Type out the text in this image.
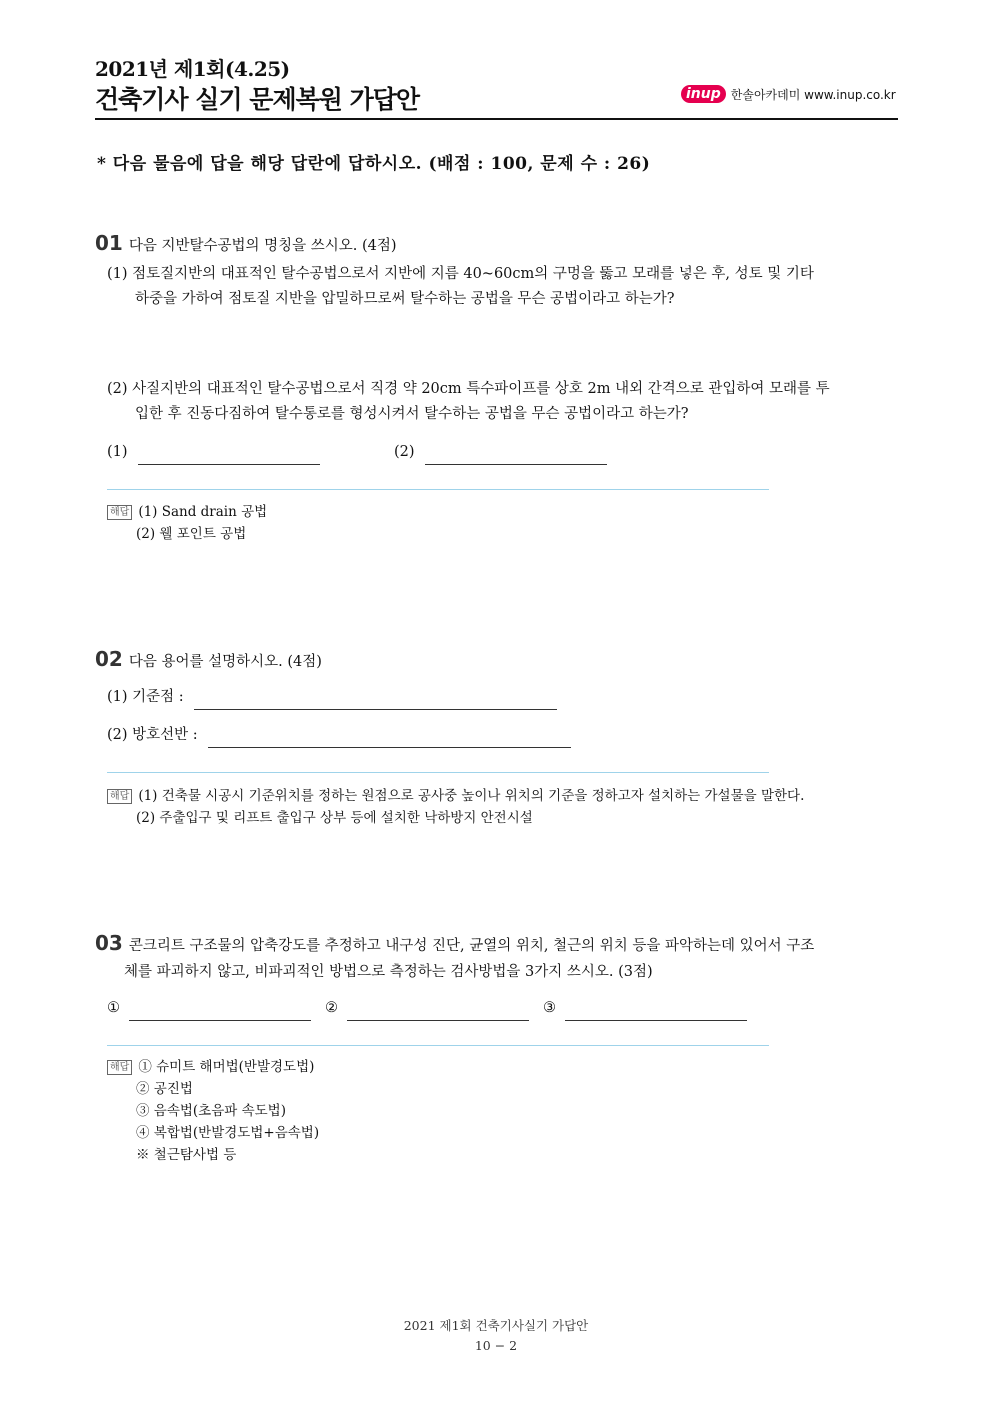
2021년 제1회(4.25)
건축기사 실기 문제복원 가답안	inup 한솔아카데미 www.inup.co.kr
* 다음 물음에 답을 해당 답란에 답하시오. (배점 : 100, 문제 수 : 26)
01 다음 지반탈수공법의 명칭을 쓰시오. (4점)
(1) 점토질지반의 대표적인 탈수공법으로서 지반에 지름 40~60cm의 구멍을 뚫고 모래를 넣은 후, 성토 및 기타
하중을 가하여 점토질 지반을 압밀하므로써 탈수하는 공법을 무슨 공법이라고 하는가?
(2) 사질지반의 대표적인 탈수공법으로서 직경 약 20cm 특수파이프를 상호 2m 내외 간격으로 관입하여 모래를 투
입한 후 진동다짐하여 탈수통로를 형성시켜서 탈수하는 공법을 무슨 공법이라고 하는가?
(1)	(2)
해답 (1) Sand drain 공법
(2) 웰 포인트 공법
02 다음 용어를 설명하시오. (4점)
(1) 기준점 :
(2) 방호선반 :
해답 (1) 건축물 시공시 기준위치를 정하는 원점으로 공사중 높이나 위치의 기준을 정하고자 설치하는 가설물을 말한다.
(2) 주출입구 및 리프트 출입구 상부 등에 설치한 낙하방지 안전시설
03 콘크리트 구조물의 압축강도를 추정하고 내구성 진단, 균열의 위치, 철근의 위치 등을 파악하는데 있어서 구조
체를 파괴하지 않고, 비파괴적인 방법으로 측정하는 검사방법을 3가지 쓰시오. (3점)
①	②	③
해답 ① 슈미트 해머법(반발경도법)
② 공진법
③ 음속법(초음파 속도법)
④ 복합법(반발경도법+음속법)
※ 철근탐사법 등
2021 제1회 건축기사실기 가답안
10 − 2
